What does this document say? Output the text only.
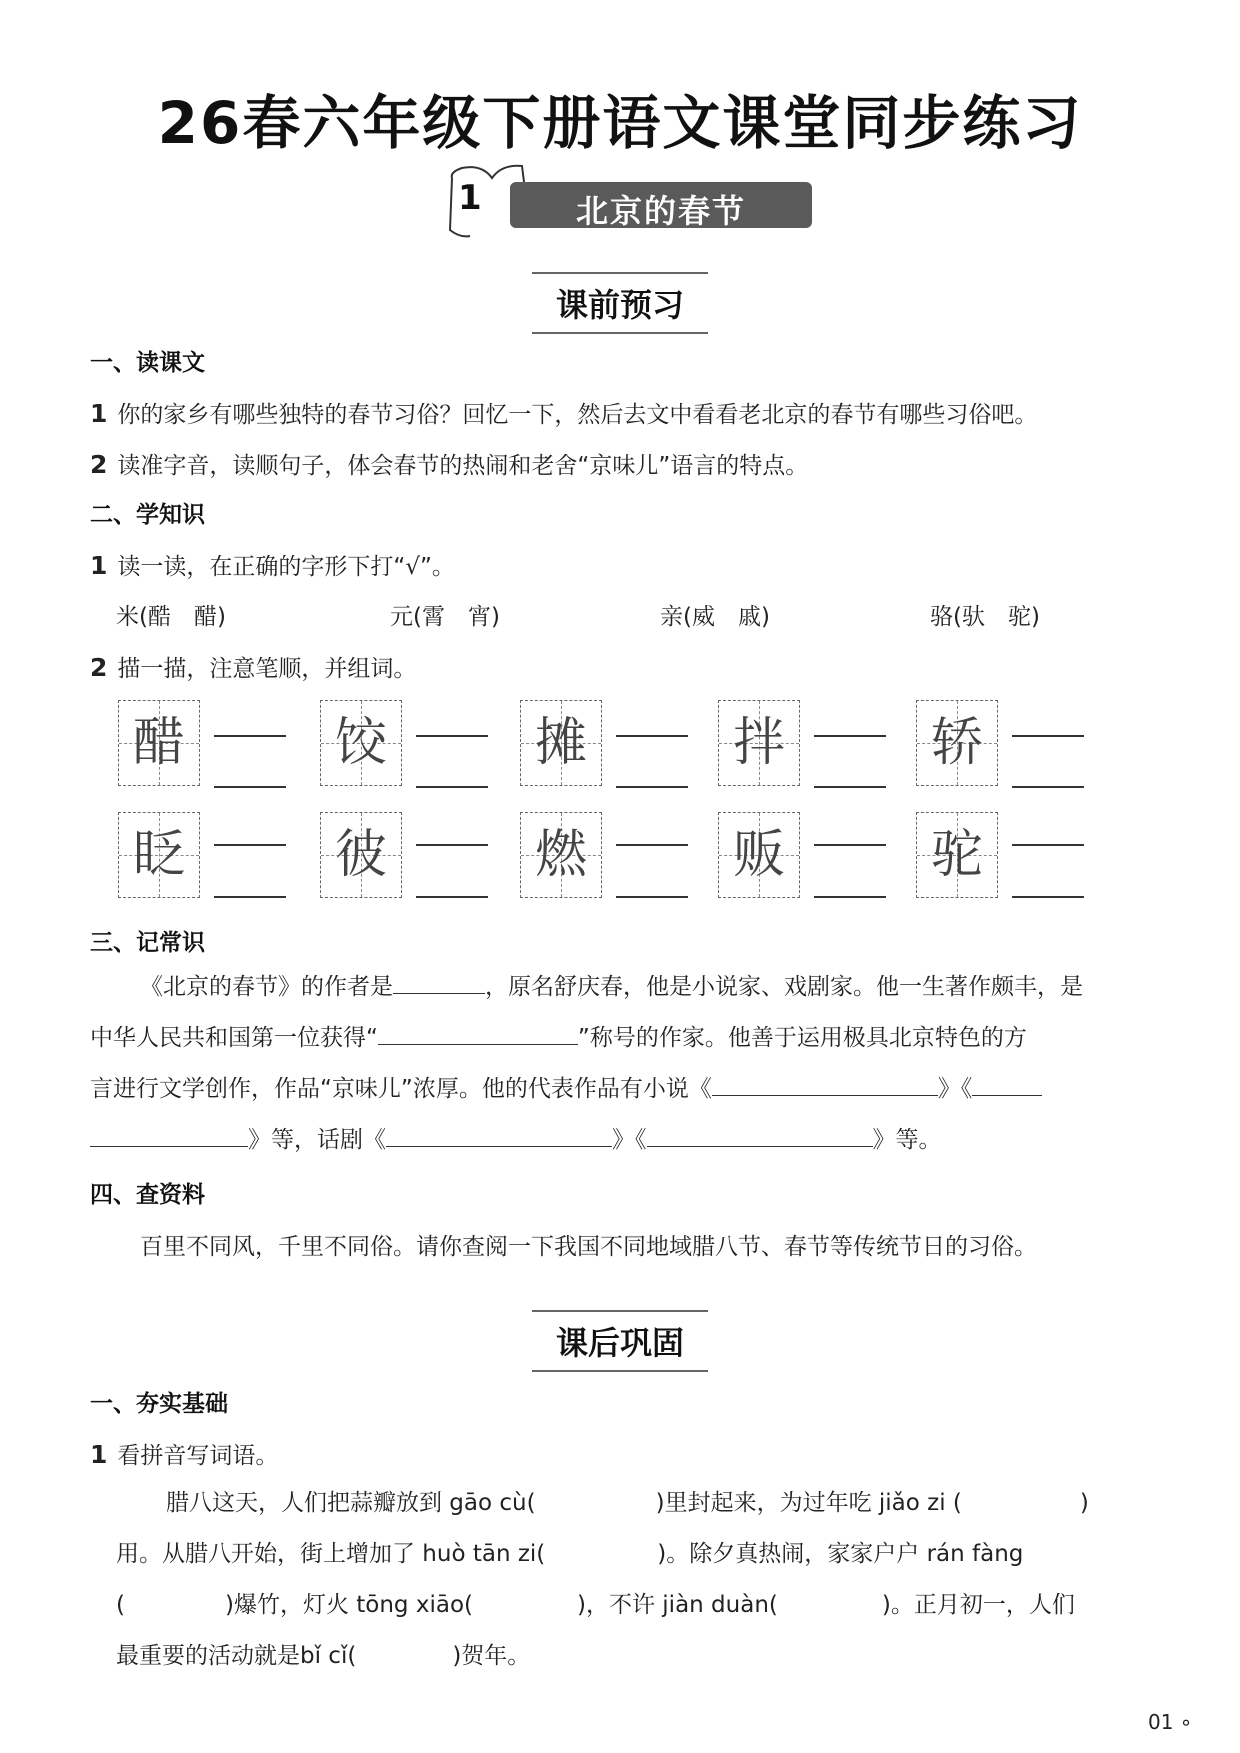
26春六年级下册语文课堂同步练习
1	北京的春节
课前预习
一、读课文
1 你的家乡有哪些独特的春节习俗？回忆一下，然后去文中看看老北京的春节有哪些习俗吧。
2 读准字音，读顺句子，体会春节的热闹和老舍“京味儿”语言的特点。
二、学知识
1 读一读，在正确的字形下打“√”。
米(酷　醋)	元(霄　宵)	亲(威　戚)	骆(驮　驼)
2 描一描，注意笔顺，并组词。
醋	饺	摊	拌	轿
眨	彼	燃	贩	驼
三、记常识
《北京的春节》的作者是	，原名舒庆春，他是小说家、戏剧家。他一生著作颇丰，是
中华人民共和国第一位获得“	”称号的作家。他善于运用极具北京特色的方
言进行文学创作，作品“京味儿”浓厚。他的代表作品有小说《	》《
》等，话剧《	》《	》等。
四、查资料
百里不同风，千里不同俗。请你查阅一下我国不同地域腊八节、春节等传统节日的习俗。
课后巩固
一、夯实基础
1 看拼音写词语。
腊八这天，人们把蒜瓣放到 gāo cù(	)里封起来，为过年吃 jiǎo zi (	)
用。从腊八开始，街上增加了 huò tān zi(	)。除夕真热闹，家家户户 rán fàng
(	)爆竹，灯火 tōng xiāo(	)，不许 jiàn duàn(	)。正月初一，人们
最重要的活动就是bǐ cǐ(	)贺年。
01 ∘
